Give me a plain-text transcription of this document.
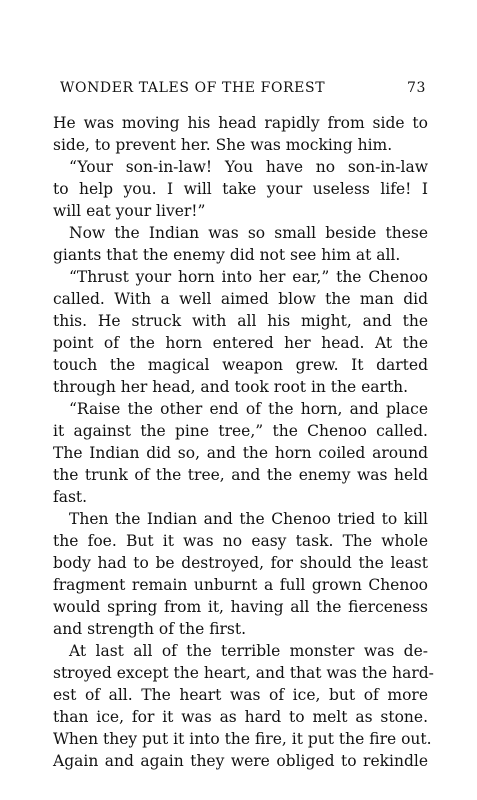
WONDER TALES OF THE FOREST	73
He was moving his head rapidly from side to
side, to prevent her. She was mocking him.
“Your son-in-law! You have no son-in-law
to help you. I will take your useless life! I
will eat your liver!”
Now the Indian was so small beside these
giants that the enemy did not see him at all.
“Thrust your horn into her ear,” the Chenoo
called. With a well aimed blow the man did
this. He struck with all his might, and the
point of the horn entered her head. At the
touch the magical weapon grew. It darted
through her head, and took root in the earth.
“Raise the other end of the horn, and place
it against the pine tree,” the Chenoo called.
The Indian did so, and the horn coiled around
the trunk of the tree, and the enemy was held
fast.
Then the Indian and the Chenoo tried to kill
the foe. But it was no easy task. The whole
body had to be destroyed, for should the least
fragment remain unburnt a full grown Chenoo
would spring from it, having all the fierceness
and strength of the first.
At last all of the terrible monster was de-
stroyed except the heart, and that was the hard-
est of all. The heart was of ice, but of more
than ice, for it was as hard to melt as stone.
When they put it into the fire, it put the fire out.
Again and again they were obliged to rekindle
